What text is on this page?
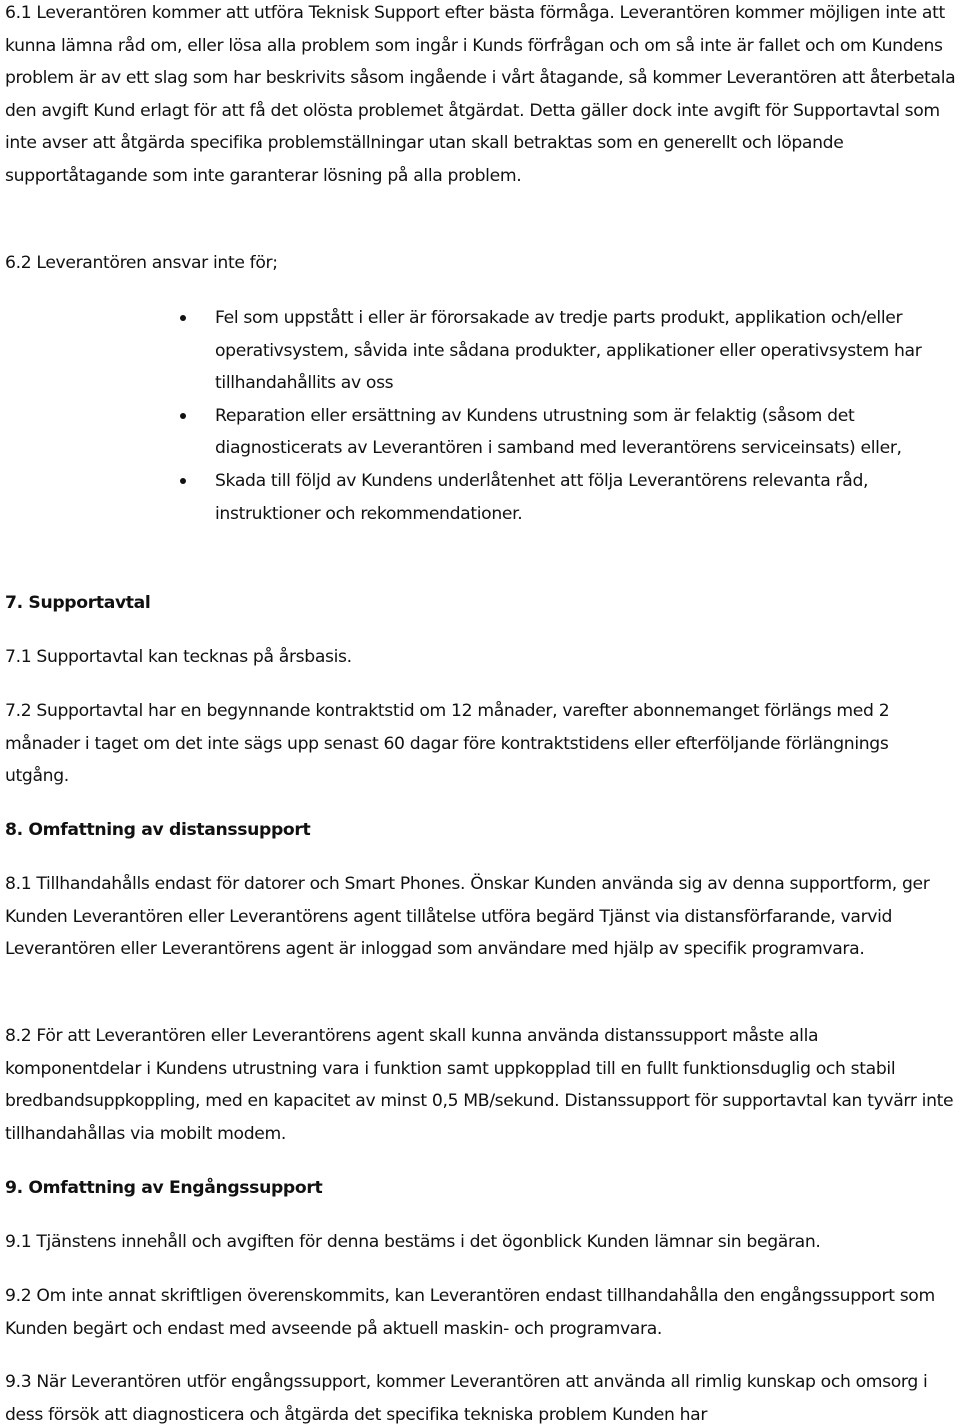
6.1 Leverantören kommer att utföra Teknisk Support efter bästa förmåga. Leverantören kommer möjligen inte att kunna lämna råd om, eller lösa alla problem som ingår i Kunds förfrågan och om så inte är fallet och om Kundens problem är av ett slag som har beskrivits såsom ingående i vårt åtagande, så kommer Leverantören att återbetala den avgift Kund erlagt för att få det olösta problemet åtgärdat. Detta gäller dock inte avgift för Supportavtal som inte avser att åtgärda specifika problemställningar utan skall betraktas som en generellt och löpande supportåtagande som inte garanterar lösning på alla problem.
6.2 Leverantören ansvar inte för;
Fel som uppstått i eller är förorsakade av tredje parts produkt, applikation och/eller operativsystem, såvida inte sådana produkter, applikationer eller operativsystem har tillhandahållits av oss
Reparation eller ersättning av Kundens utrustning som är felaktig (såsom det diagnosticerats av Leverantören i samband med leverantörens serviceinsats) eller,
Skada till följd av Kundens underlåtenhet att följa Leverantörens relevanta råd, instruktioner och rekommendationer.
7. Supportavtal
7.1 Supportavtal kan tecknas på årsbasis.
7.2 Supportavtal har en begynnande kontraktstid om 12 månader, varefter abonnemanget förlängs med 2 månader i taget om det inte sägs upp senast 60 dagar före kontraktstidens eller efterföljande förlängnings utgång.
8. Omfattning av distanssupport
8.1 Tillhandahålls endast för datorer och Smart Phones. Önskar Kunden använda sig av denna supportform, ger Kunden Leverantören eller Leverantörens agent tillåtelse utföra begärd Tjänst via distansförfarande, varvid Leverantören eller Leverantörens agent är inloggad som användare med hjälp av specifik programvara.
8.2 För att Leverantören eller Leverantörens agent skall kunna använda distanssupport måste alla komponentdelar i Kundens utrustning vara i funktion samt uppkopplad till en fullt funktionsduglig och stabil bredbandsuppkoppling, med en kapacitet av minst 0,5 MB/sekund. Distanssupport för supportavtal kan tyvärr inte tillhandahållas via mobilt modem.
9. Omfattning av Engångssupport
9.1 Tjänstens innehåll och avgiften för denna bestäms i det ögonblick Kunden lämnar sin begäran.
9.2 Om inte annat skriftligen överenskommits, kan Leverantören endast tillhandahålla den engångssupport som Kunden begärt och endast med avseende på aktuell maskin- och programvara.
9.3 När Leverantören utför engångssupport, kommer Leverantören att använda all rimlig kunskap och omsorg i dess försök att diagnosticera och åtgärda det specifika tekniska problem Kunden har
